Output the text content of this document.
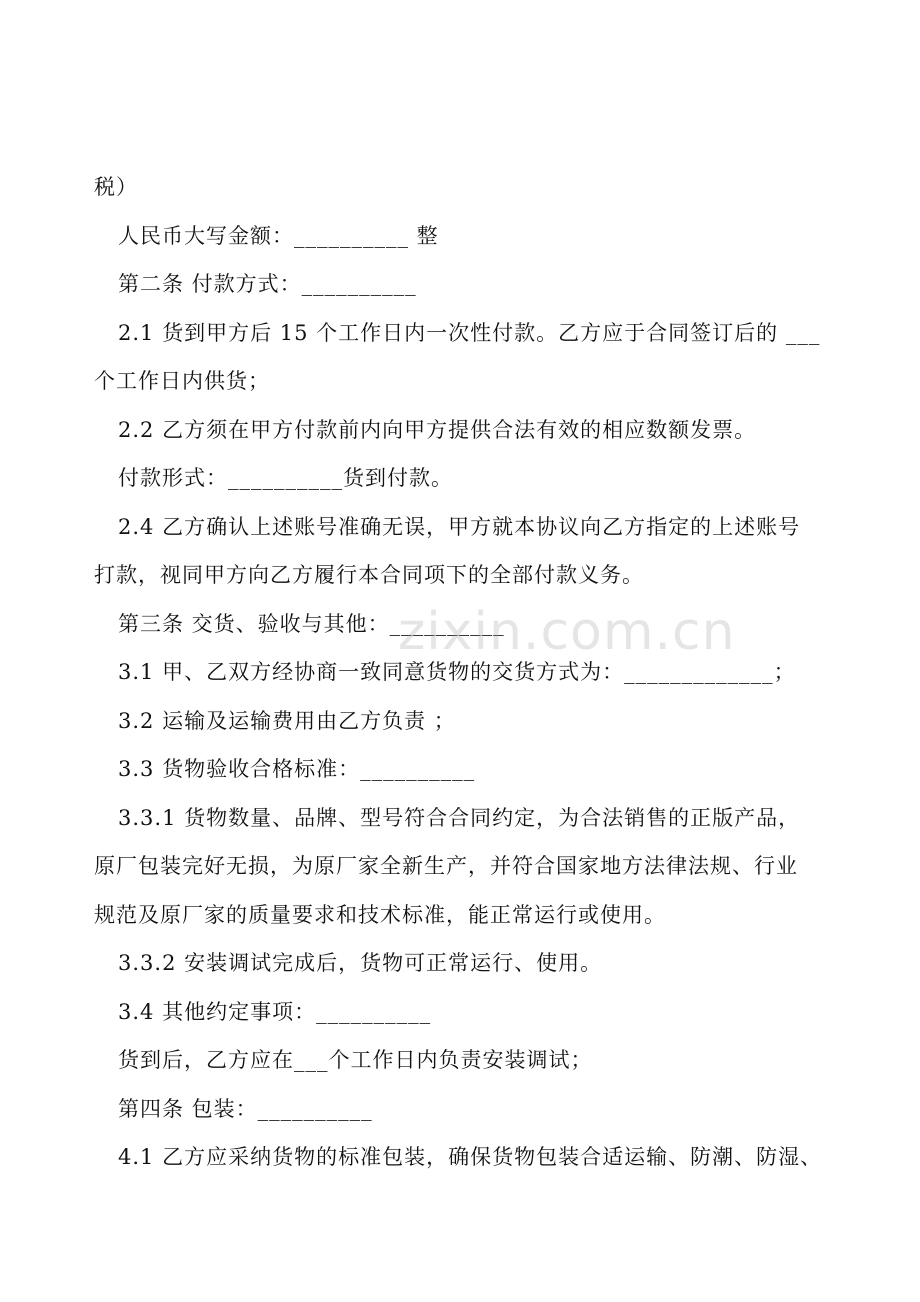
税）
人民币大写金额：__________ 整
第二条 付款方式：__________
2.1 货到甲方后 15 个工作日内一次性付款。乙方应于合同签订后的 ___
个工作日内供货；
2.2 乙方须在甲方付款前内向甲方提供合法有效的相应数额发票。
付款形式：__________货到付款。
2.4 乙方确认上述账号准确无误，甲方就本协议向乙方指定的上述账号
打款，视同甲方向乙方履行本合同项下的全部付款义务。
第三条 交货、验收与其他：__________
3.1 甲、乙双方经协商一致同意货物的交货方式为：_____________；
3.2 运输及运输费用由乙方负责 ；
3.3 货物验收合格标准：__________
3.3.1 货物数量、品牌、型号符合合同约定，为合法销售的正版产品，
原厂包装完好无损，为原厂家全新生产，并符合国家地方法律法规、行业
规范及原厂家的质量要求和技术标准，能正常运行或使用。
3.3.2 安装调试完成后，货物可正常运行、使用。
3.4 其他约定事项：__________
货到后，乙方应在___个工作日内负责安装调试；
第四条 包装：__________
4.1 乙方应采纳货物的标准包装，确保货物包装合适运输、防潮、防湿、
zixin.com.cn
